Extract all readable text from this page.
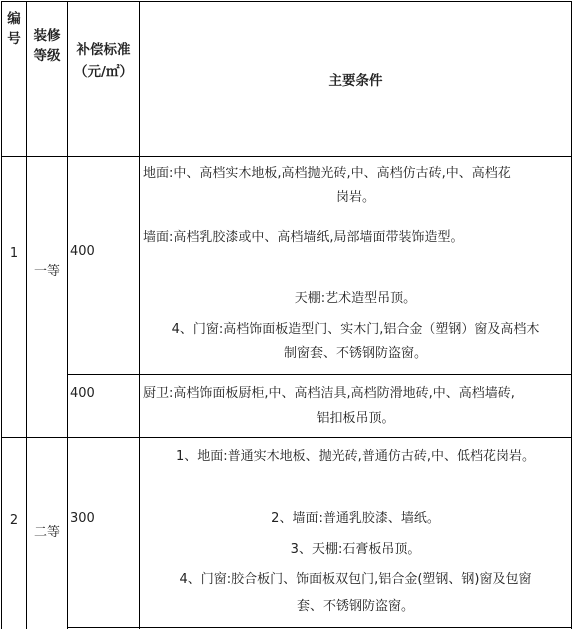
编
号 装修
等级	补偿标准
（元/㎡）
主要条件
1
一等
400
地面:中、高档实木地板,高档抛光砖,中、高档仿古砖,中、高档花
岗岩。
墙面:高档乳胶漆或中、高档墙纸,局部墙面带装饰造型。
天棚:艺术造型吊顶。
4、门窗:高档饰面板造型门、实木门,铝合金（塑钢）窗及高档木
制窗套、不锈钢防盗窗。
400	厨卫:高档饰面板厨柜,中、高档洁具,高档防滑地砖,中、高档墙砖,
铝扣板吊顶。
2
二等
300
1、地面:普通实木地板、抛光砖,普通仿古砖,中、低档花岗岩。
2、墙面:普通乳胶漆、墙纸。
3、天棚:石膏板吊顶。
4、门窗:胶合板门、饰面板双包门,铝合金(塑钢、钢)窗及包窗
套、不锈钢防盗窗。
